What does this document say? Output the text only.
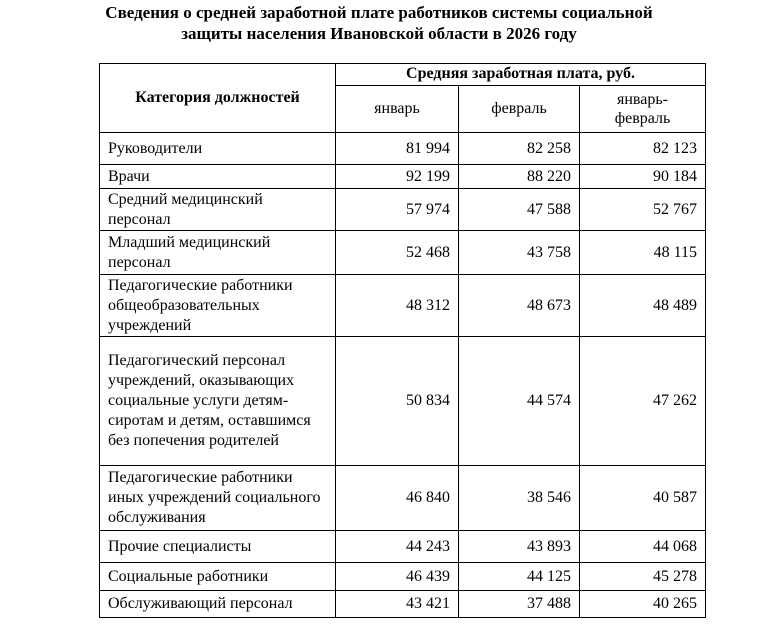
Сведения о средней заработной плате работников системы социальной
защиты населения Ивановской области в 2026 году
Категория должностей	Средняя заработная плата, руб.		
	январь	февраль	январь-
февраль
Руководители	81 994	82 258	82 123
Врачи	92 199	88 220	90 184
Средний медицинский персонал	57 974	47 588	52 767
Младший медицинский персонал	52 468	43 758	48 115
Педагогические работники общеобразовательных учреждений	48 312	48 673	48 489
Педагогический персонал учреждений, оказывающих социальные услуги детям-сиротам и детям, оставшимся без попечения родителей	50 834	44 574	47 262
Педагогические работники иных учреждений социального обслуживания	46 840	38 546	40 587
Прочие специалисты	44 243	43 893	44 068
Социальные работники	46 439	44 125	45 278
Обслуживающий персонал	43 421	37 488	40 265
